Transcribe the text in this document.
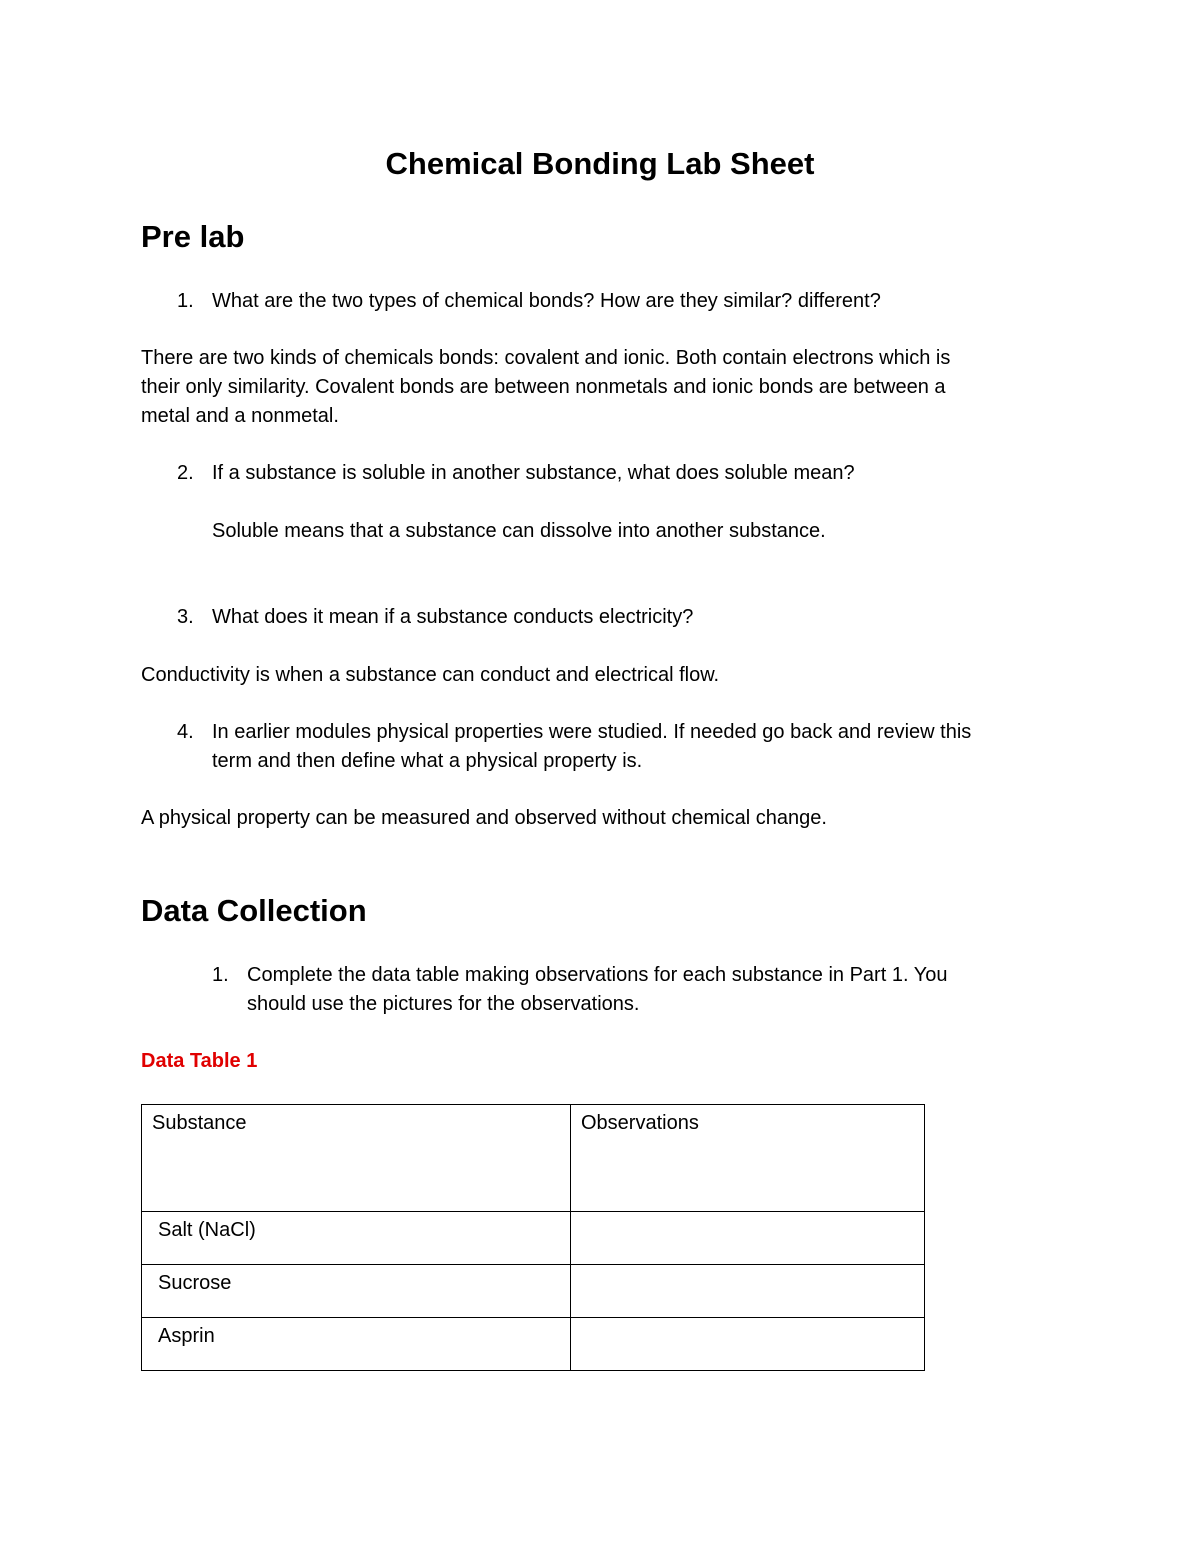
Chemical Bonding Lab Sheet
Pre lab
1. What are the two types of chemical bonds? How are they similar? different?
There are two kinds of chemicals bonds: covalent and ionic. Both contain electrons which is
their only similarity. Covalent bonds are between nonmetals and ionic bonds are between a
metal and a nonmetal.
2. If a substance is soluble in another substance, what does soluble mean?
Soluble means that a substance can dissolve into another substance.
3. What does it mean if a substance conducts electricity?
Conductivity is when a substance can conduct and electrical flow.
4. In earlier modules physical properties were studied. If needed go back and review this
term and then define what a physical property is.
A physical property can be measured and observed without chemical change.
Data Collection
1. Complete the data table making observations for each substance in Part 1. You
should use the pictures for the observations.
Data Table 1
Substance	Observations
Salt (NaCl)	
Sucrose	
Asprin	
